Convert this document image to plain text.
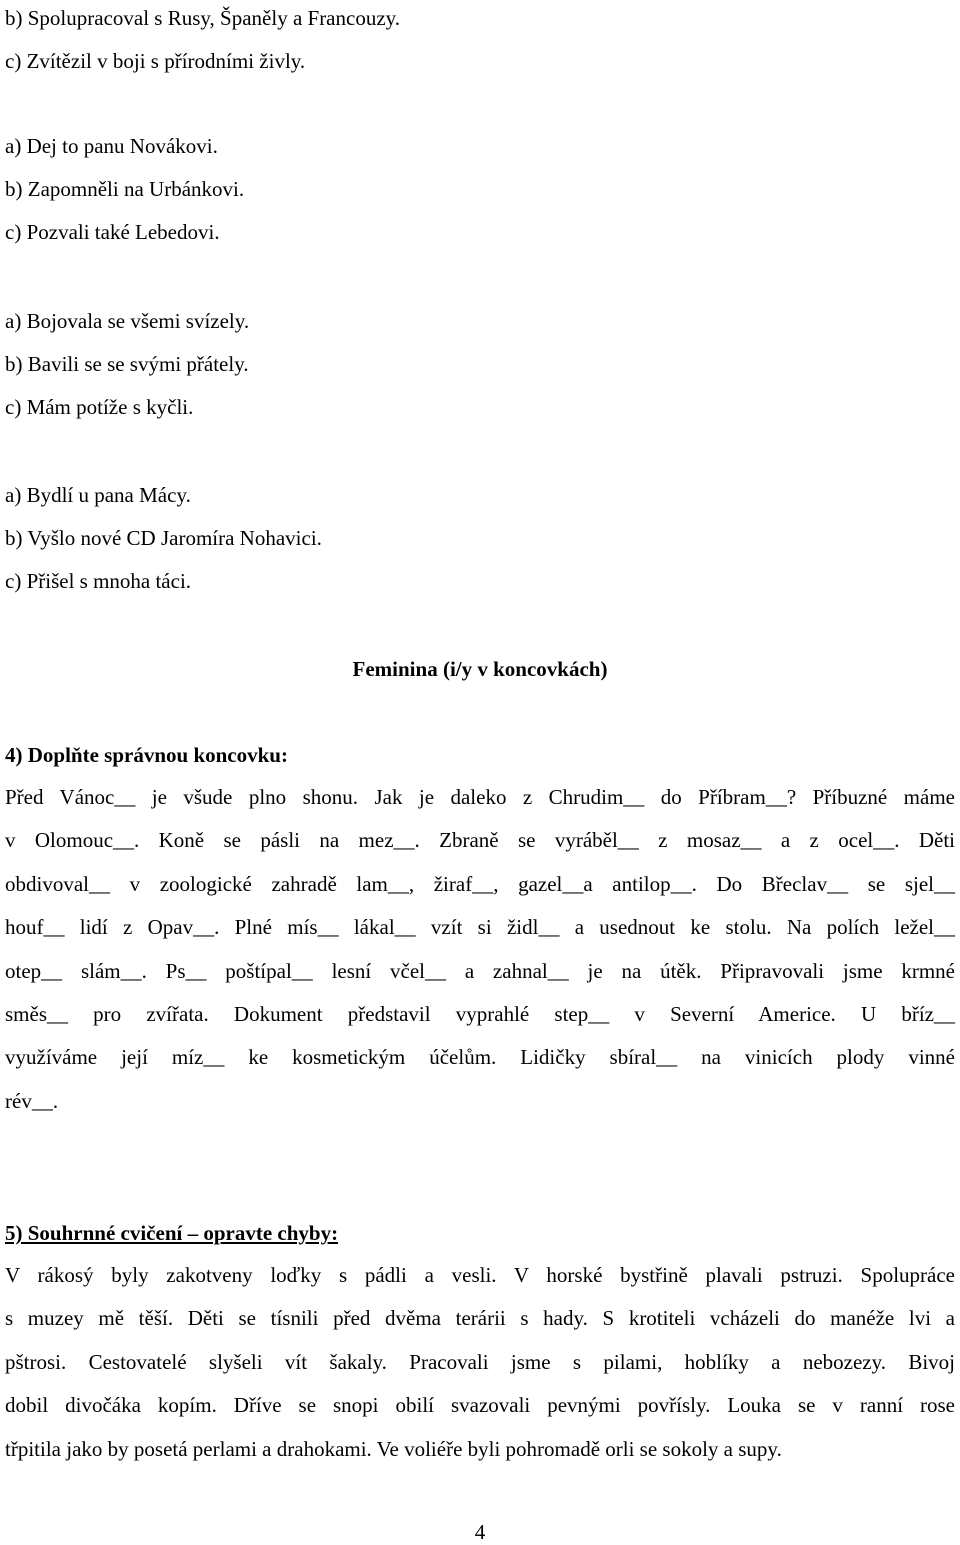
b) Spolupracoval s Rusy, Španěly a Francouzy.
c) Zvítězil v boji s přírodními živly.
a) Dej to panu Novákovi.
b) Zapomněli na Urbánkovi.
c) Pozvali také Lebedovi.
a) Bojovala se všemi svízely.
b) Bavili se se svými přátely.
c) Mám potíže s kyčli.
a) Bydlí u pana Mácy.
b) Vyšlo nové CD Jaromíra Nohavici.
c) Přišel s mnoha táci.
Feminina (i/y v koncovkách)
4) Doplňte správnou koncovku:

Před Vánoc__ je všude plno shonu. Jak je daleko z Chrudim__ do Příbram__? Příbuzné máme

v Olomouc__. Koně se pásli na mez__. Zbraně se vyráběl__ z mosaz__ a z ocel__. Děti

obdivoval__ v zoologické zahradě lam__, žiraf__, gazel__a antilop__. Do Břeclav__ se sjel__

houf__ lidí z Opav__. Plné mís__ lákal__ vzít si židl__ a usednout ke stolu. Na polích ležel__

otep__ slám__. Ps__ poštípal__ lesní včel__ a zahnal__ je na útěk. Připravovali jsme krmné

směs__ pro zvířata. Dokument představil vyprahlé step__ v Severní Americe. U bříz__

využíváme její míz__ ke kosmetickým účelům. Lidičky sbíral__ na vinicích plody vinné

rév__.

5) Souhrnné cvičení – opravte chyby:

V rákosý byly zakotveny loďky s pádli a vesli. V horské bystřině plavali pstruzi. Spolupráce

s muzey mě těší. Děti se tísnili před dvěma terárii s hady. S krotiteli vcházeli do manéže lvi a

pštrosi. Cestovatelé slyšeli vít šakaly. Pracovali jsme s pilami, hoblíky a nebozezy. Bivoj

dobil divočáka kopím. Dříve se snopi obilí svazovali pevnými povřísly. Louka se v ranní rose

třpitila jako by posetá perlami a drahokami. Ve voliéře byli pohromadě orli se sokoly a supy.

4
